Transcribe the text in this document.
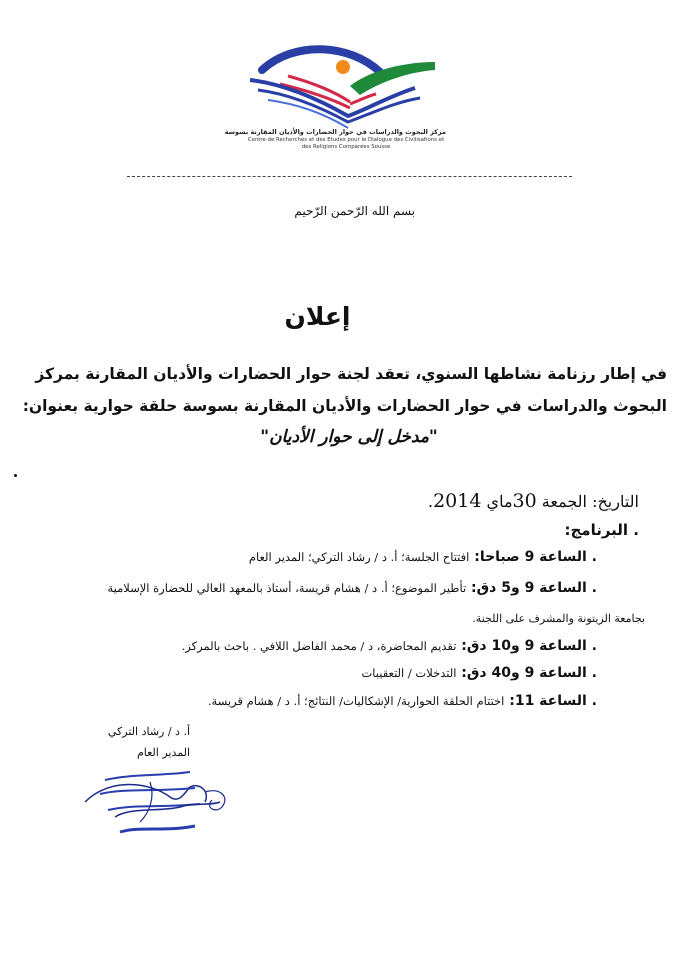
مركز البحوث والدراسات في حوار الحضارات والأديان المقارنة بسوسة
Centre de Recherches et des Etudes pour le Dialogue des Civilisations et des Religions Comparées Sousse
بسم الله الرّحمن الرّحيم
إعلان
في إطار رزنامة نشاطها السنوي، تعقد لجنة حوار الحضارات والأديان المقارنة بمركز
البحوث والدراسات في حوار الحضارات والأديان المقارنة بسوسة حلقة حوارية بعنوان:
"مدخل إلى حوار الأديان"
التاريخ: الجمعة 30ماي 2014.
. البرنامج:
. الساعة 9 صباحا: افتتاح الجلسة؛ أ. د / رشاد التركي؛ المدير العام
. الساعة 9 و5 دق: تأطير الموضوع؛ أ. د / هشام قريسة، أستاذ بالمعهد العالي للحضارة الإسلامية
بجامعة الزيتونة والمشرف على اللجنة.
. الساعة 9 و10 دق: تقديم المحاضرة، د / محمد الفاضل اللافي . باحث بالمركز.
. الساعة 9 و40 دق: التدخلات / التعقيبات
. الساعة 11: اختتام الحلقة الحوارية/ الإشكاليات/ النتائج؛ أ. د / هشام قريسة.
أ. د / رشاد التركي
المدير العام
